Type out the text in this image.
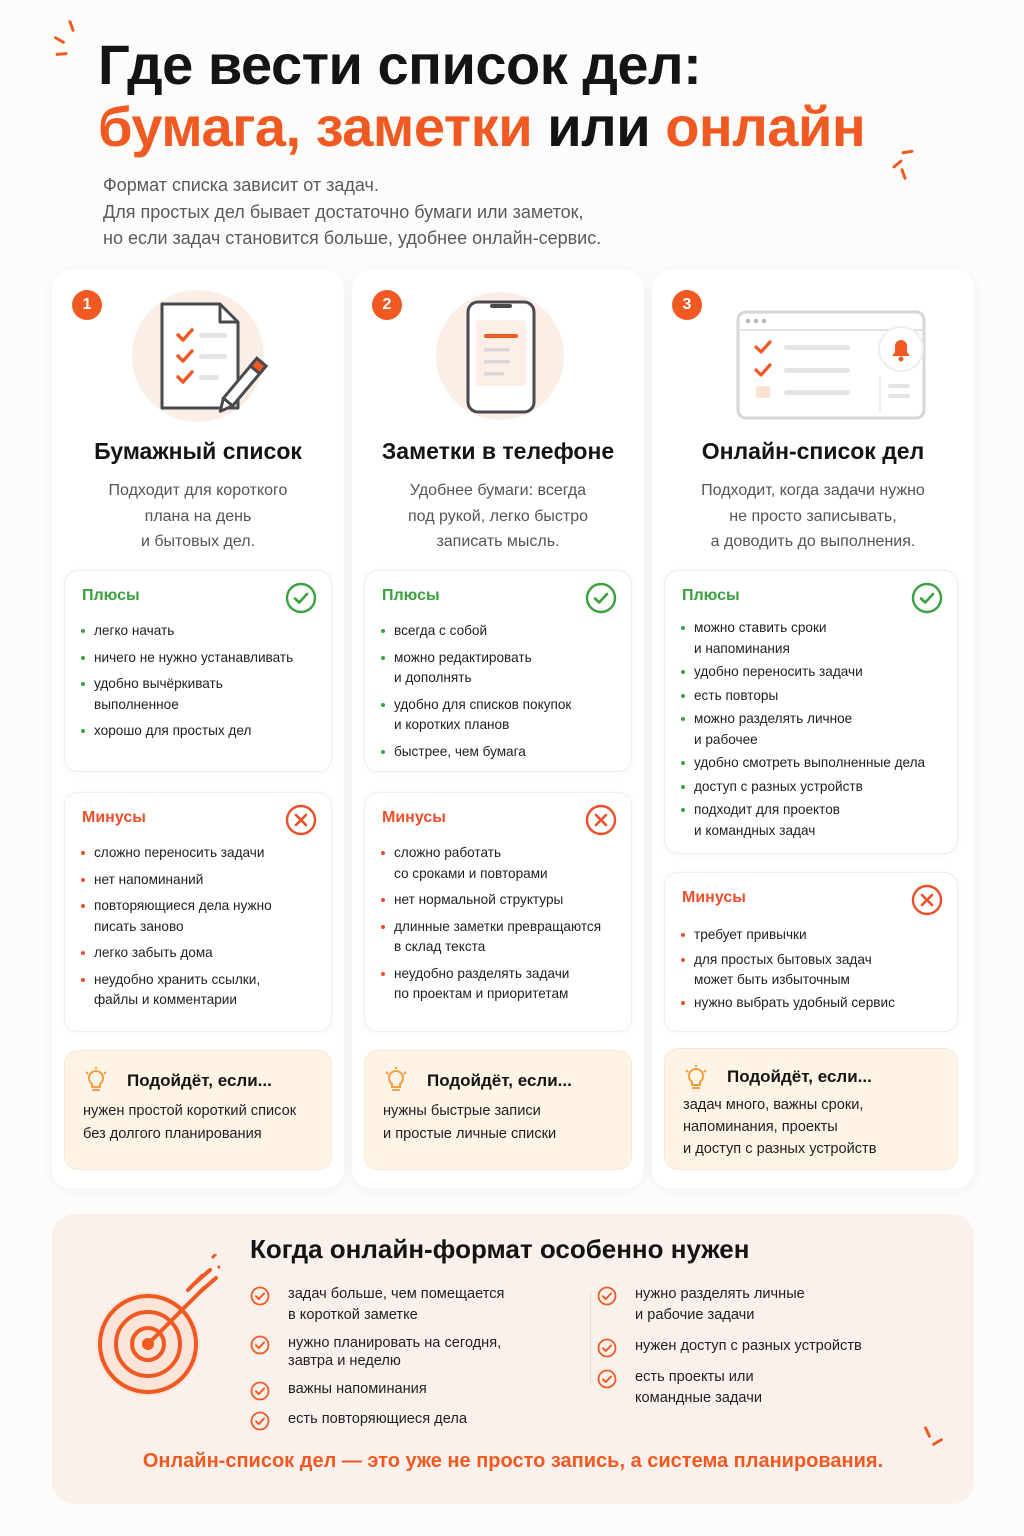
Где вести список дел:
бумага, заметки или онлайн
Формат списка зависит от задач.
Для простых дел бывает достаточно бумаги или заметок,
но если задач становится больше, удобнее онлайн-сервис.
1
Бумажный список
Подходит для короткого
плана на день
и бытовых дел.
Плюсы
легко начать
ничего не нужно устанавливать
удобно вычёркивать
выполненное
хорошо для простых дел
Минусы
сложно переносить задачи
нет напоминаний
повторяющиеся дела нужно
писать заново
легко забыть дома
неудобно хранить ссылки,
файлы и комментарии
Подойдёт, если...
нужен простой короткий список
без долгого планирования
2
Заметки в телефоне
Удобнее бумаги: всегда
под рукой, легко быстро
записать мысль.
Плюсы
всегда с собой
можно редактировать
и дополнять
удобно для списков покупок
и коротких планов
быстрее, чем бумага
Минусы
сложно работать
со сроками и повторами
нет нормальной структуры
длинные заметки превращаются
в склад текста
неудобно разделять задачи
по проектам и приоритетам
Подойдёт, если...
нужны быстрые записи
и простые личные списки
3
Онлайн-список дел
Подходит, когда задачи нужно
не просто записывать,
а доводить до выполнения.
Плюсы
можно ставить сроки
и напоминания
удобно переносить задачи
есть повторы
можно разделять личное
и рабочее
удобно смотреть выполненные дела
доступ с разных устройств
подходит для проектов
и командных задач
Минусы
требует привычки
для простых бытовых задач
может быть избыточным
нужно выбрать удобный сервис
Подойдёт, если...
задач много, важны сроки,
напоминания, проекты
и доступ с разных устройств
Когда онлайн-формат особенно нужен
задач больше, чем помещается
в короткой заметке
нужно планировать на сегодня,
завтра и неделю
важны напоминания
есть повторяющиеся дела
нужно разделять личные
и рабочие задачи
нужен доступ с разных устройств
есть проекты или
командные задачи
Онлайн-список дел — это уже не просто запись, а система планирования.
